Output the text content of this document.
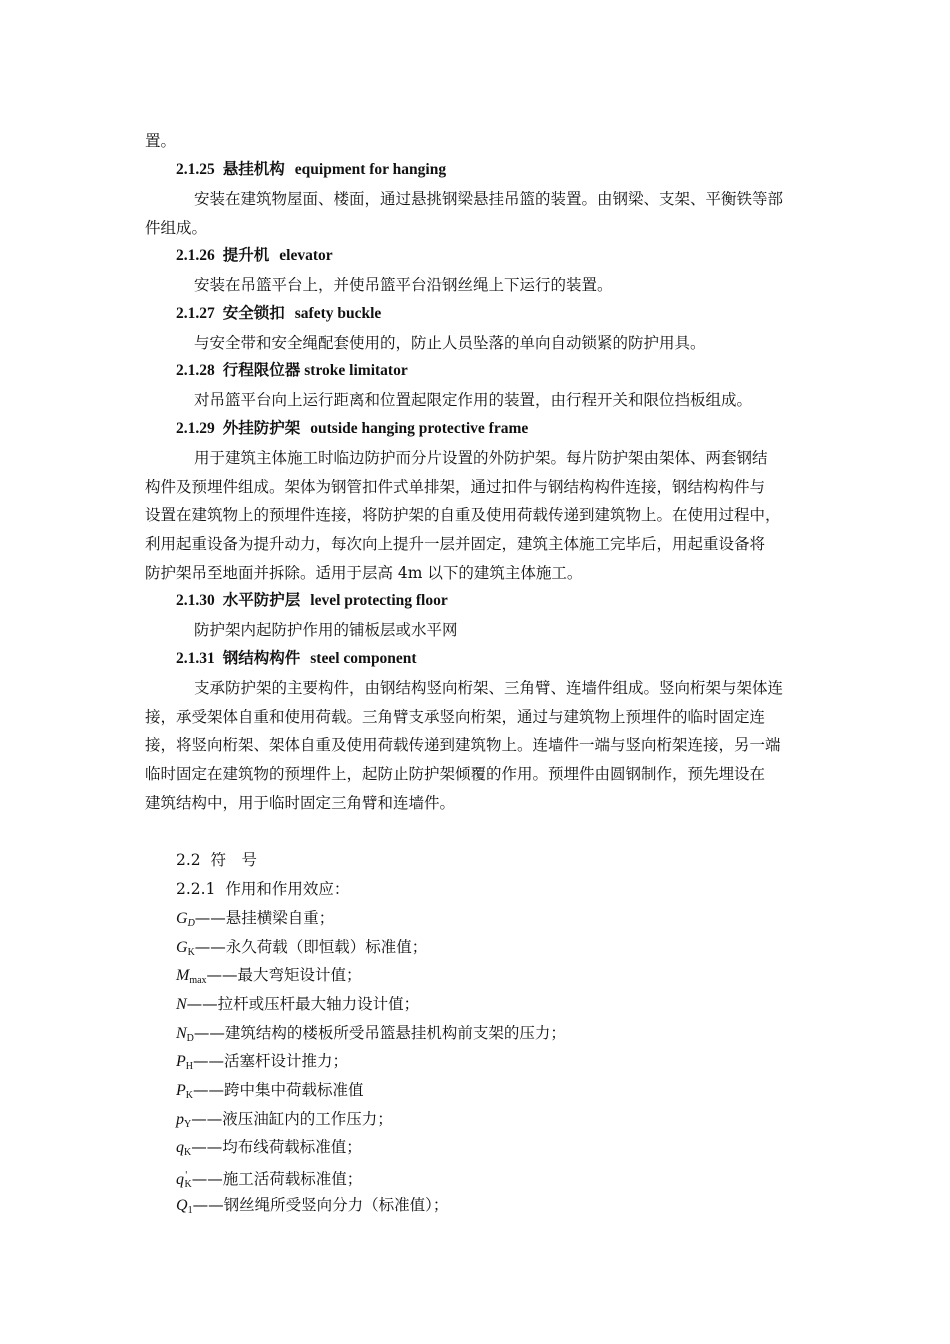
置。
2.1.25 悬挂机构 equipment for hanging
安装在建筑物屋面、楼面，通过悬挑钢梁悬挂吊篮的装置。由钢梁、支架、平衡铁等部
件组成。
2.1.26 提升机 elevator
安装在吊篮平台上，并使吊篮平台沿钢丝绳上下运行的装置。
2.1.27 安全锁扣 safety buckle
与安全带和安全绳配套使用的，防止人员坠落的单向自动锁紧的防护用具。
2.1.28 行程限位器 stroke limitator
对吊篮平台向上运行距离和位置起限定作用的装置，由行程开关和限位挡板组成。
2.1.29 外挂防护架 outside hanging protective frame
用于建筑主体施工时临边防护而分片设置的外防护架。每片防护架由架体、两套钢结
构件及预埋件组成。架体为钢管扣件式单排架，通过扣件与钢结构构件连接，钢结构构件与
设置在建筑物上的预埋件连接，将防护架的自重及使用荷载传递到建筑物上。在使用过程中，
利用起重设备为提升动力，每次向上提升一层并固定，建筑主体施工完毕后，用起重设备将
防护架吊至地面并拆除。适用于层高 4m 以下的建筑主体施工。
2.1.30 水平防护层 level protecting floor
防护架内起防护作用的铺板层或水平网
2.1.31 钢结构构件 steel component
支承防护架的主要构件，由钢结构竖向桁架、三角臂、连墙件组成。竖向桁架与架体连
接，承受架体自重和使用荷载。三角臂支承竖向桁架，通过与建筑物上预埋件的临时固定连
接，将竖向桁架、架体自重及使用荷载传递到建筑物上。连墙件一端与竖向桁架连接，另一端
临时固定在建筑物的预埋件上，起防止防护架倾覆的作用。预埋件由圆钢制作，预先埋设在
建筑结构中，用于临时固定三角臂和连墙件。
2.2 符　号
2.2.1 作用和作用效应：
$G_D——$悬挂横梁自重；
$G_K——$永久荷载（即恒载）标准值；
$M_{max}——$最大弯矩设计值；
N——拉杆或压杆最大轴力设计值；
$N_D——$建筑结构的楼板所受吊篮悬挂机构前支架的压力；
$P_H——$活塞杆设计推力；
$P_K——$跨中集中荷载标准值
$p_Y——$液压油缸内的工作压力；
$q_K——$均布线荷载标准值；
$q'_K——$施工活荷载标准值；
$Q_1——$钢丝绳所受竖向分力（标准值）；
